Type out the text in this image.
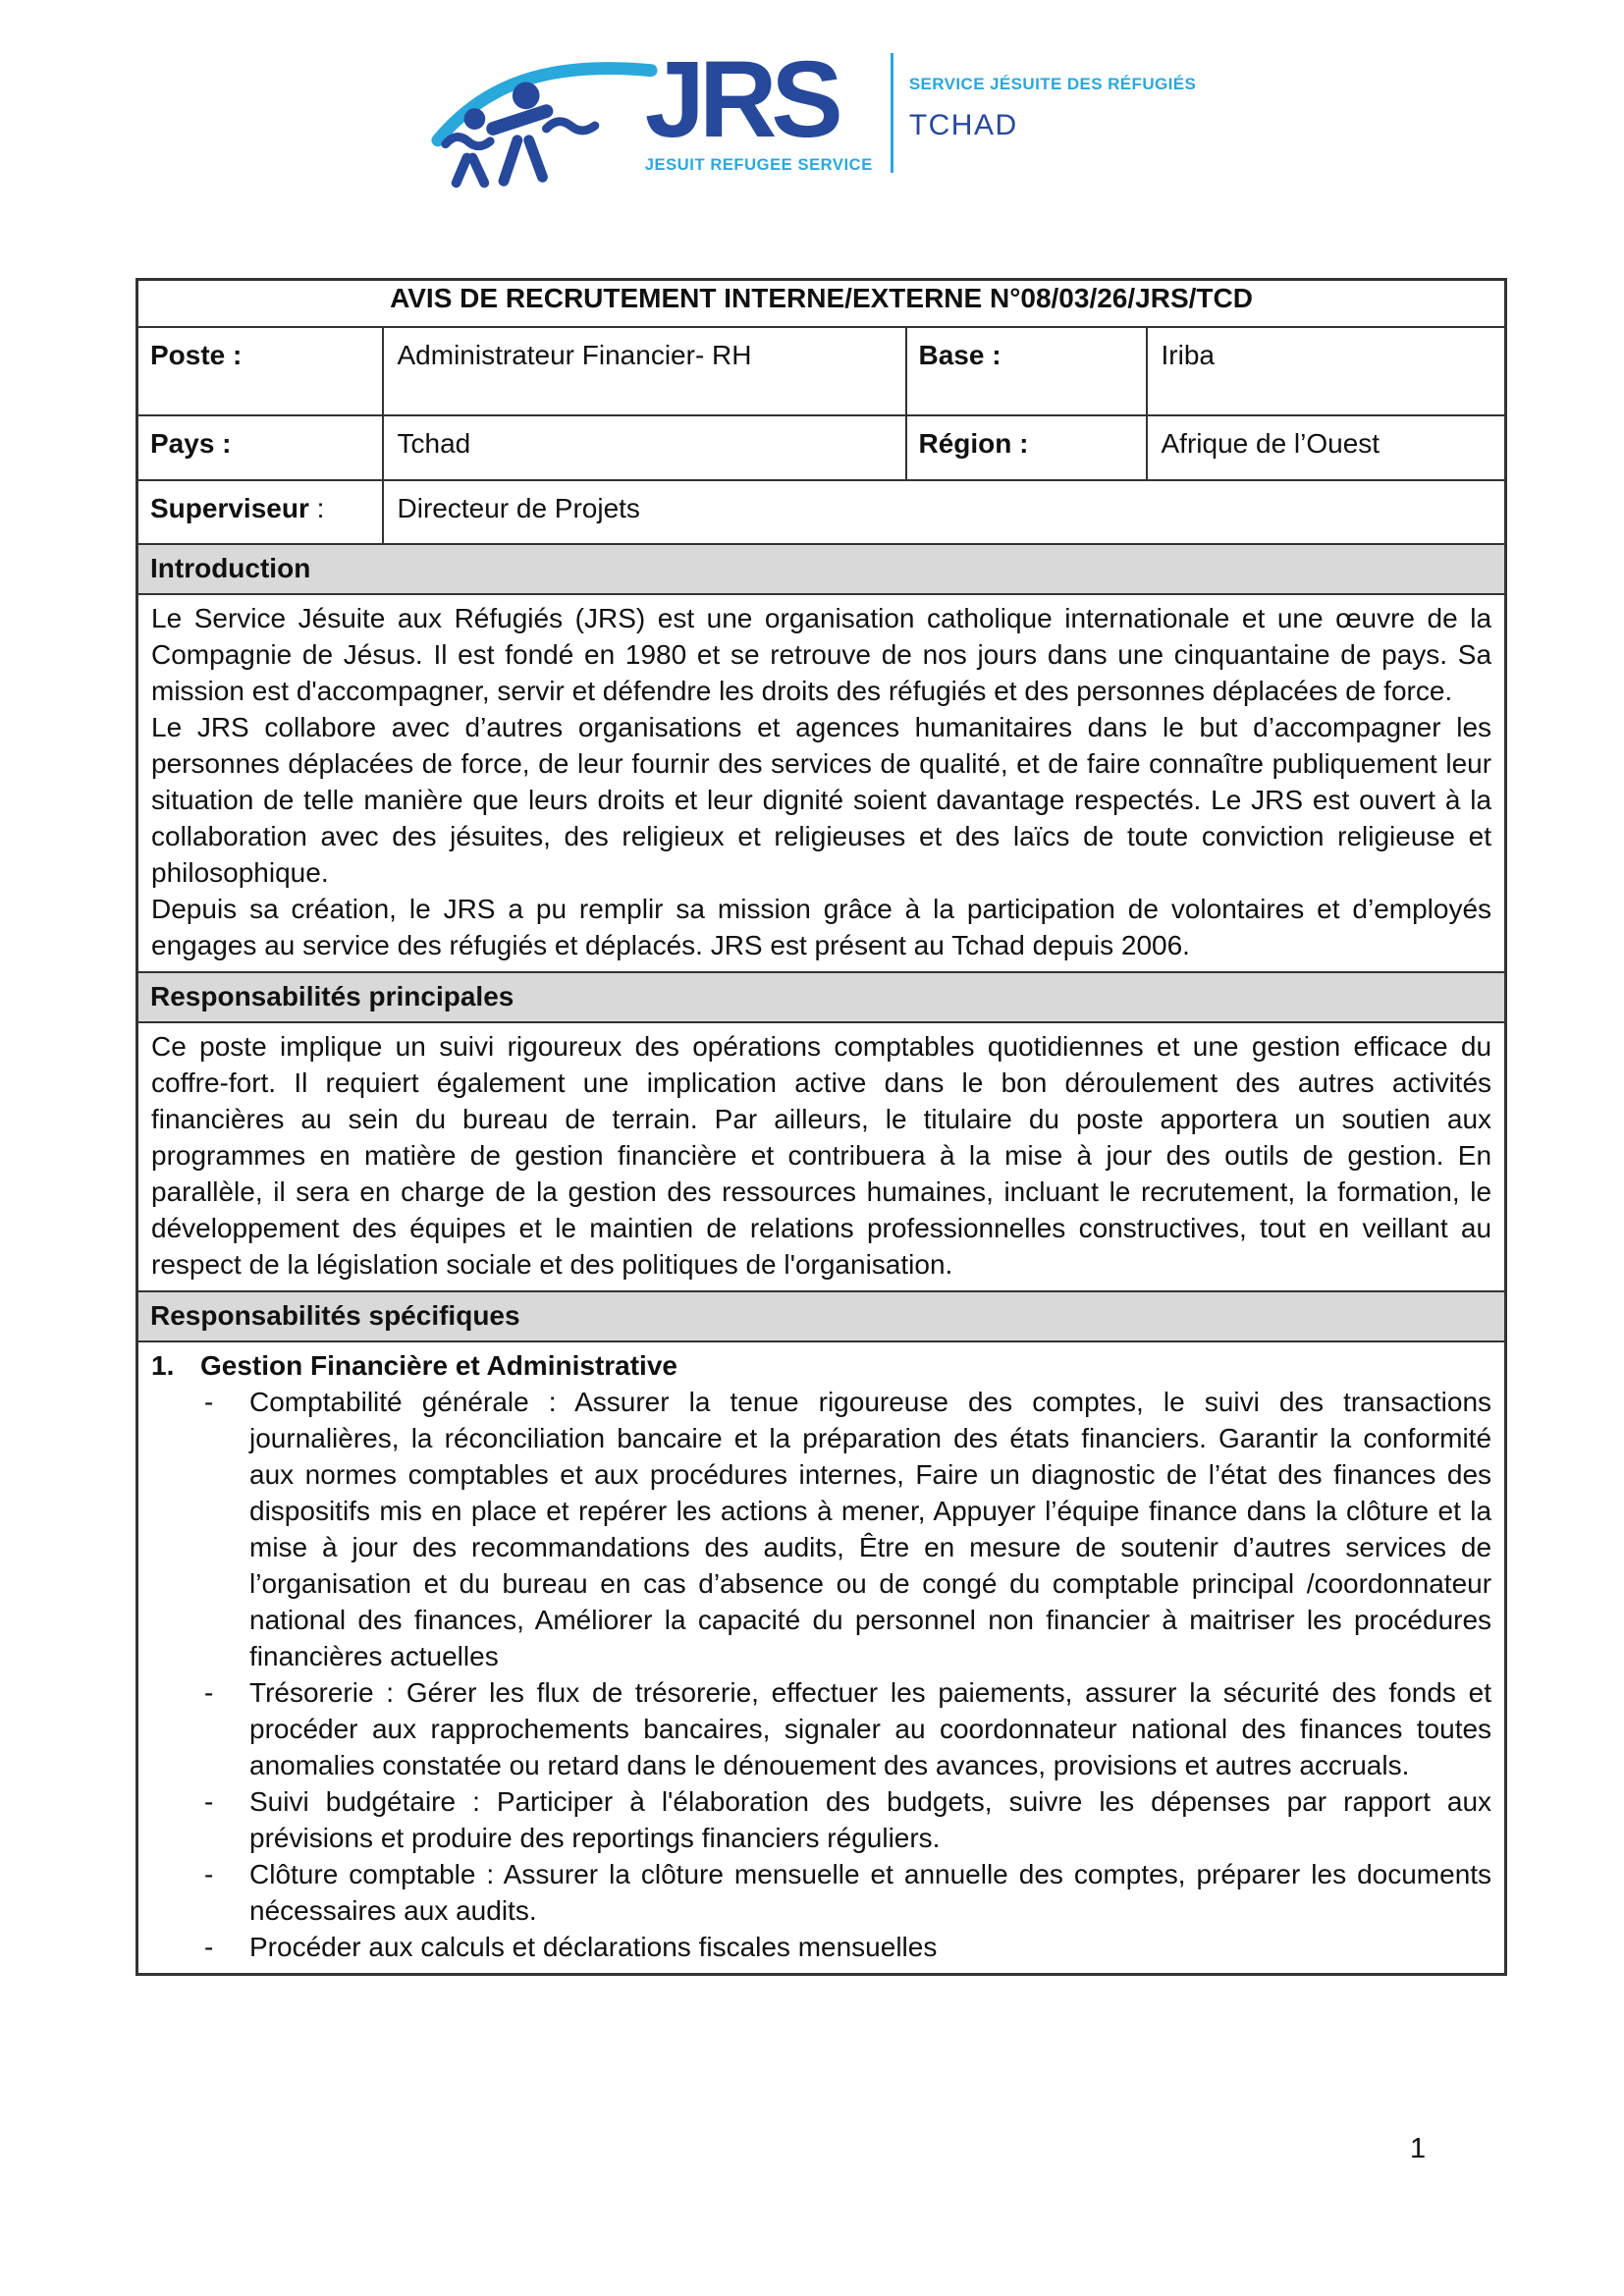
JRS
JESUIT REFUGEE SERVICE
SERVICE JÉSUITE DES RÉFUGIÉS
TCHAD
AVIS DE RECRUTEMENT INTERNE/EXTERNE N°08/03/26/JRS/TCD			
Poste :	Administrateur Financier- RH	Base :	Iriba
Pays :	Tchad	Région :	Afrique de l’Ouest
Superviseur :	Directeur de Projets		
Introduction			

Le Service Jésuite aux Réfugiés (JRS) est une organisation catholique internationale et une œuvre de la Compagnie de Jésus. Il est fondé en 1980 et se retrouve de nos jours dans une cinquantaine de pays. Sa mission est d'accompagner, servir et défendre les droits des réfugiés et des personnes déplacées de force.

Le JRS collabore avec d’autres organisations et agences humanitaires dans le but d’accompagner les personnes déplacées de force, de leur fournir des services de qualité, et de faire connaître publiquement leur situation de telle manière que leurs droits et leur dignité soient davantage respectés. Le JRS est ouvert à la collaboration avec des jésuites, des religieux et religieuses et des laïcs de toute conviction religieuse et philosophique.

Depuis sa création, le JRS a pu remplir sa mission grâce à la participation de volontaires et d’employés engages au service des réfugiés et déplacés. JRS est présent au Tchad depuis 2006.			

Responsabilités principales			

Ce poste implique un suivi rigoureux des opérations comptables quotidiennes et une gestion efficace du coffre-fort. Il requiert également une implication active dans le bon déroulement des autres activités financières au sein du bureau de terrain. Par ailleurs, le titulaire du poste apportera un soutien aux programmes en matière de gestion financière et contribuera à la mise à jour des outils de gestion. En parallèle, il sera en charge de la gestion des ressources humaines, incluant le recrutement, la formation, le développement des équipes et le maintien de relations professionnelles constructives, tout en veillant au respect de la législation sociale et des politiques de l'organisation.			

Responsabilités spécifiques			

1. Gestion Financière et Administrative
- Comptabilité générale : Assurer la tenue rigoureuse des comptes, le suivi des transactions journalières, la réconciliation bancaire et la préparation des états financiers. Garantir la conformité aux normes comptables et aux procédures internes, Faire un diagnostic de l’état des finances des dispositifs mis en place et repérer les actions à mener, Appuyer l’équipe finance dans la clôture et la mise à jour des recommandations des audits, Être en mesure de soutenir d’autres services de l’organisation et du bureau en cas d’absence ou de congé du comptable principal /coordonnateur national des finances, Améliorer la capacité du personnel non financier à maitriser les procédures financières actuelles
- Trésorerie : Gérer les flux de trésorerie, effectuer les paiements, assurer la sécurité des fonds et procéder aux rapprochements bancaires, signaler au coordonnateur national des finances toutes anomalies constatée ou retard dans le dénouement des avances, provisions et autres accruals.
- Suivi budgétaire : Participer à l'élaboration des budgets, suivre les dépenses par rapport aux prévisions et produire des reportings financiers réguliers.
- Clôture comptable : Assurer la clôture mensuelle et annuelle des comptes, préparer les documents nécessaires aux audits.
- Procéder aux calculs et déclarations fiscales mensuelles
1
